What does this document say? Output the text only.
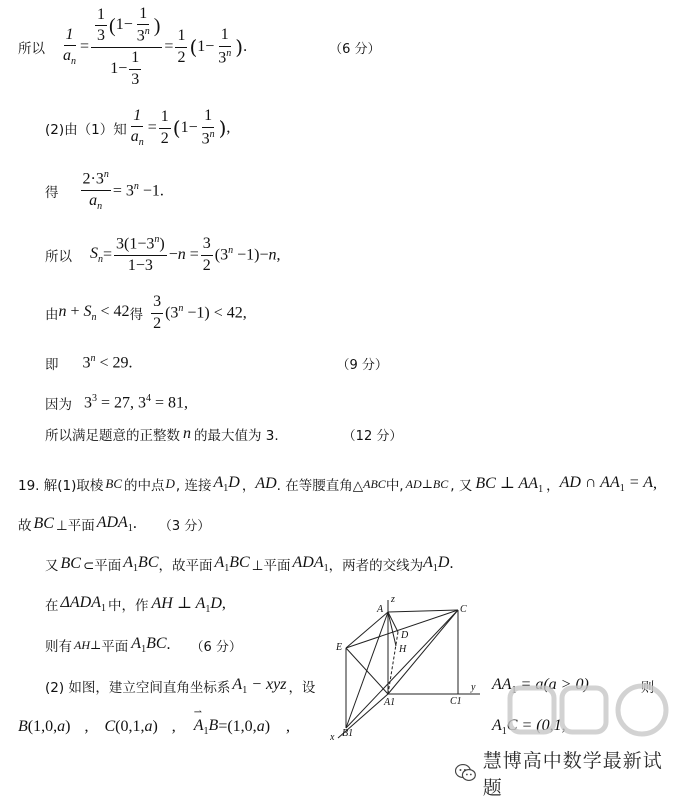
所以 $\frac{1}{a_n} = \frac{\frac{1}{3} ( 1- \frac{1}{3^n} )}{1- \frac{1}{3}} = \frac{1}{2}$ ( $1- \frac{1}{3^n}$ ) .	（6 分）
(2)由（1）知 $\frac{1}{a_n} = \frac{1}{2}$ ( $1- \frac{1}{3^n}$ ) ,
得 $\frac{2\cdot 3^n}{a_n} = 3^n -1$.
所以 $S_n = \frac{3(1-3^n)}{1-3} -n = \frac{3}{2} (3^n -1)-n$,
由 $n + S_n < 42$ 得 $\frac{3}{2} (3^n -1) < 42$,
即 $3^n < 29$.	（9 分）
因为 $3^3 = 27$, $3^4 = 81$,
所以满足题意的正整数 n 的最大值为 3.	（12 分）
19. 解(1)取棱 BC 的中点 D , 连接 $A_1D$ ， AD . 在等腰直角△ ABC 中, AD⊥BC , 又 BC ⊥ $AA_1$ ， AD ∩ $AA_1 = A$ ,
故 BC ⊥平面 $ADA_1$ . （3 分）
又 BC ⊂平面 $A_1BC$ ，故平面 $A_1BC$ ⊥平面 $ADA_1$ ，两者的交线为 $A_1D$ .
在 $\Delta ADA_1$ 中，作 AH ⊥ $A_1D$ ,
则有 AH⊥ 平面 $A_1BC$ . （6 分）
(2) 如图，建立空间直角坐标系 $A_1$ − xyz ，设	$AA_1 = a(a > 0)$	则
B (1,0,a) , C (0,1,a) ,
⇀
$A_1B =(1,0,a)$ ,	$A_1C = (0,1$,
A
z
C
D
E	H
A1	C1
y
x B1
慧博高中数学最新试题
